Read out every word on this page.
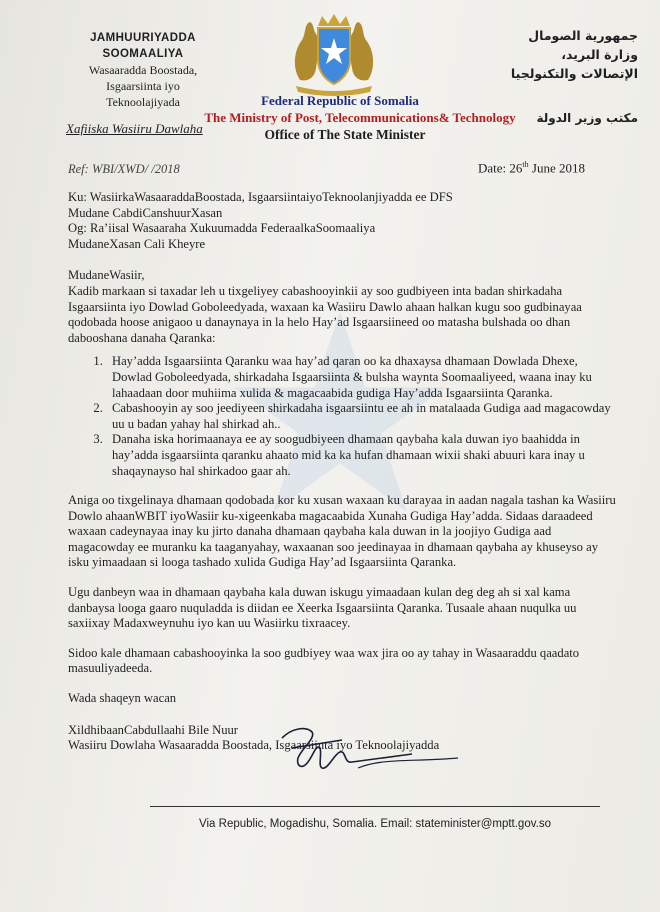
JAMHUURIYADDA
SOOMAALIYA
Wasaaradda Boostada,
Isgaarsiinta iyo
Teknoolajiyada
جمهورية الصومال
وزارة البريد،
الإتصالات والتكنولجيا
مكتب وزير الدولة
Federal Republic of Somalia
The Ministry of Post, Telecommunications& Technology
Xafiiska Wasiiru Dawlaha	Office of The State Minister
Ref: WBI/XWD/ /2018	Date: 26th June 2018
Ku: WasiirkaWasaaraddaBoostada, IsgaarsiintaiyoTeknoolanjiyadda ee DFS
Mudane CabdiCanshuurXasan
Og: Ra’iisal Wasaaraha Xukuumadda FederaalkaSoomaaliya
MudaneXasan Cali Kheyre
MudaneWasiir,

Kadib markaan si taxadar leh u tixgeliyey cabashooyinkii ay soo gudbiyeen inta badan shirkadaha Isgaarsiinta iyo Dowlad Goboleedyada, waxaan ka Wasiiru Dawlo ahaan halkan kugu soo gudbinayaa qodobada hoose anigaoo u danaynaya in la helo Hay’ad Isgaarsiineed oo matasha bulshada oo dhan dabooshana danaha Qaranka:

1. Hay’adda Isgaarsiinta Qaranku waa hay’ad qaran oo ka dhaxaysa dhamaan Dowlada Dhexe, Dowlad Goboleedyada, shirkadaha Isgaarsiinta & bulsha waynta Soomaaliyeed, waana inay ku lahaadaan door muhiima xulida & magacaabida gudiga Hay’adda Isgaarsiinta Qaranka.
2. Cabashooyin ay soo jeediyeen shirkadaha isgaarsiintu ee ah in matalaada Gudiga aad magacowday uu u badan yahay hal shirkad ah..
3. Danaha iska horimaanaya ee ay soogudbiyeen dhamaan qaybaha kala duwan iyo baahidda in hay’adda isgaarsiinta qaranku ahaato mid ka ka hufan dhamaan wixii shaki abuuri kara inay u shaqaynayso hal shirkadoo gaar ah.

Aniga oo tixgelinaya dhamaan qodobada kor ku xusan waxaan ku darayaa in aadan nagala tashan ka Wasiiru Dowlo ahaanWBIT iyoWasiir ku-xigeenkaba magacaabida Xunaha Gudiga Hay’adda. Sidaas daraadeed waxaan cadeynayaa inay ku jirto danaha dhamaan qaybaha kala duwan in la joojiyo Gudiga aad magacowday ee muranku ka taaganyahay, waxaanan soo jeedinayaa in dhamaan qaybaha ay khuseyso ay isku yimaadaan si looga tashado xulida Gudiga Hay’ad Isgaarsiinta Qaranka.

Ugu danbeyn waa in dhamaan qaybaha kala duwan iskugu yimaadaan kulan deg deg ah si xal kama danbaysa looga gaaro nuquladda is diidan ee Xeerka Isgaarsiinta Qaranka. Tusaale ahaan nuqulka uu saxiixay Madaxweynuhu iyo kan uu Wasiirku tixraacey.

Sidoo kale dhamaan cabashooyinka la soo gudbiyey waa wax jira oo ay tahay in Wasaaraddu qaadato masuuliyadeeda.

Wada shaqeyn wacan
XildhibaanCabdullaahi Bile Nuur
Wasiiru Dowlaha Wasaaradda Boostada, Isgaarsiinta iyo Teknoolajiyadda
Via Republic, Mogadishu, Somalia. Email: stateminister@mptt.gov.so
